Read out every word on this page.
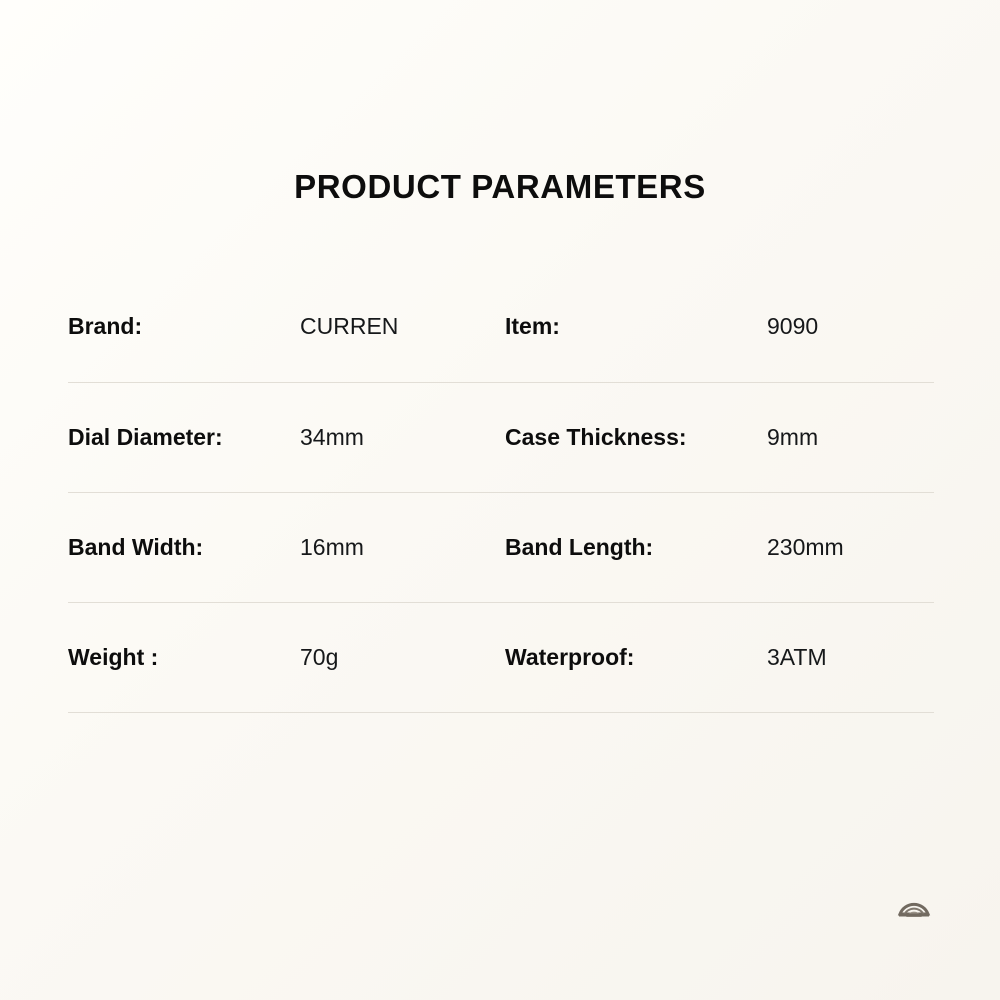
PRODUCT PARAMETERS
Brand:	CURREN	Item:	9090
Dial Diameter:	34mm	Case Thickness:	9mm
Band Width:	16mm	Band Length:	230mm
Weight :	70g	Waterproof:	3ATM
